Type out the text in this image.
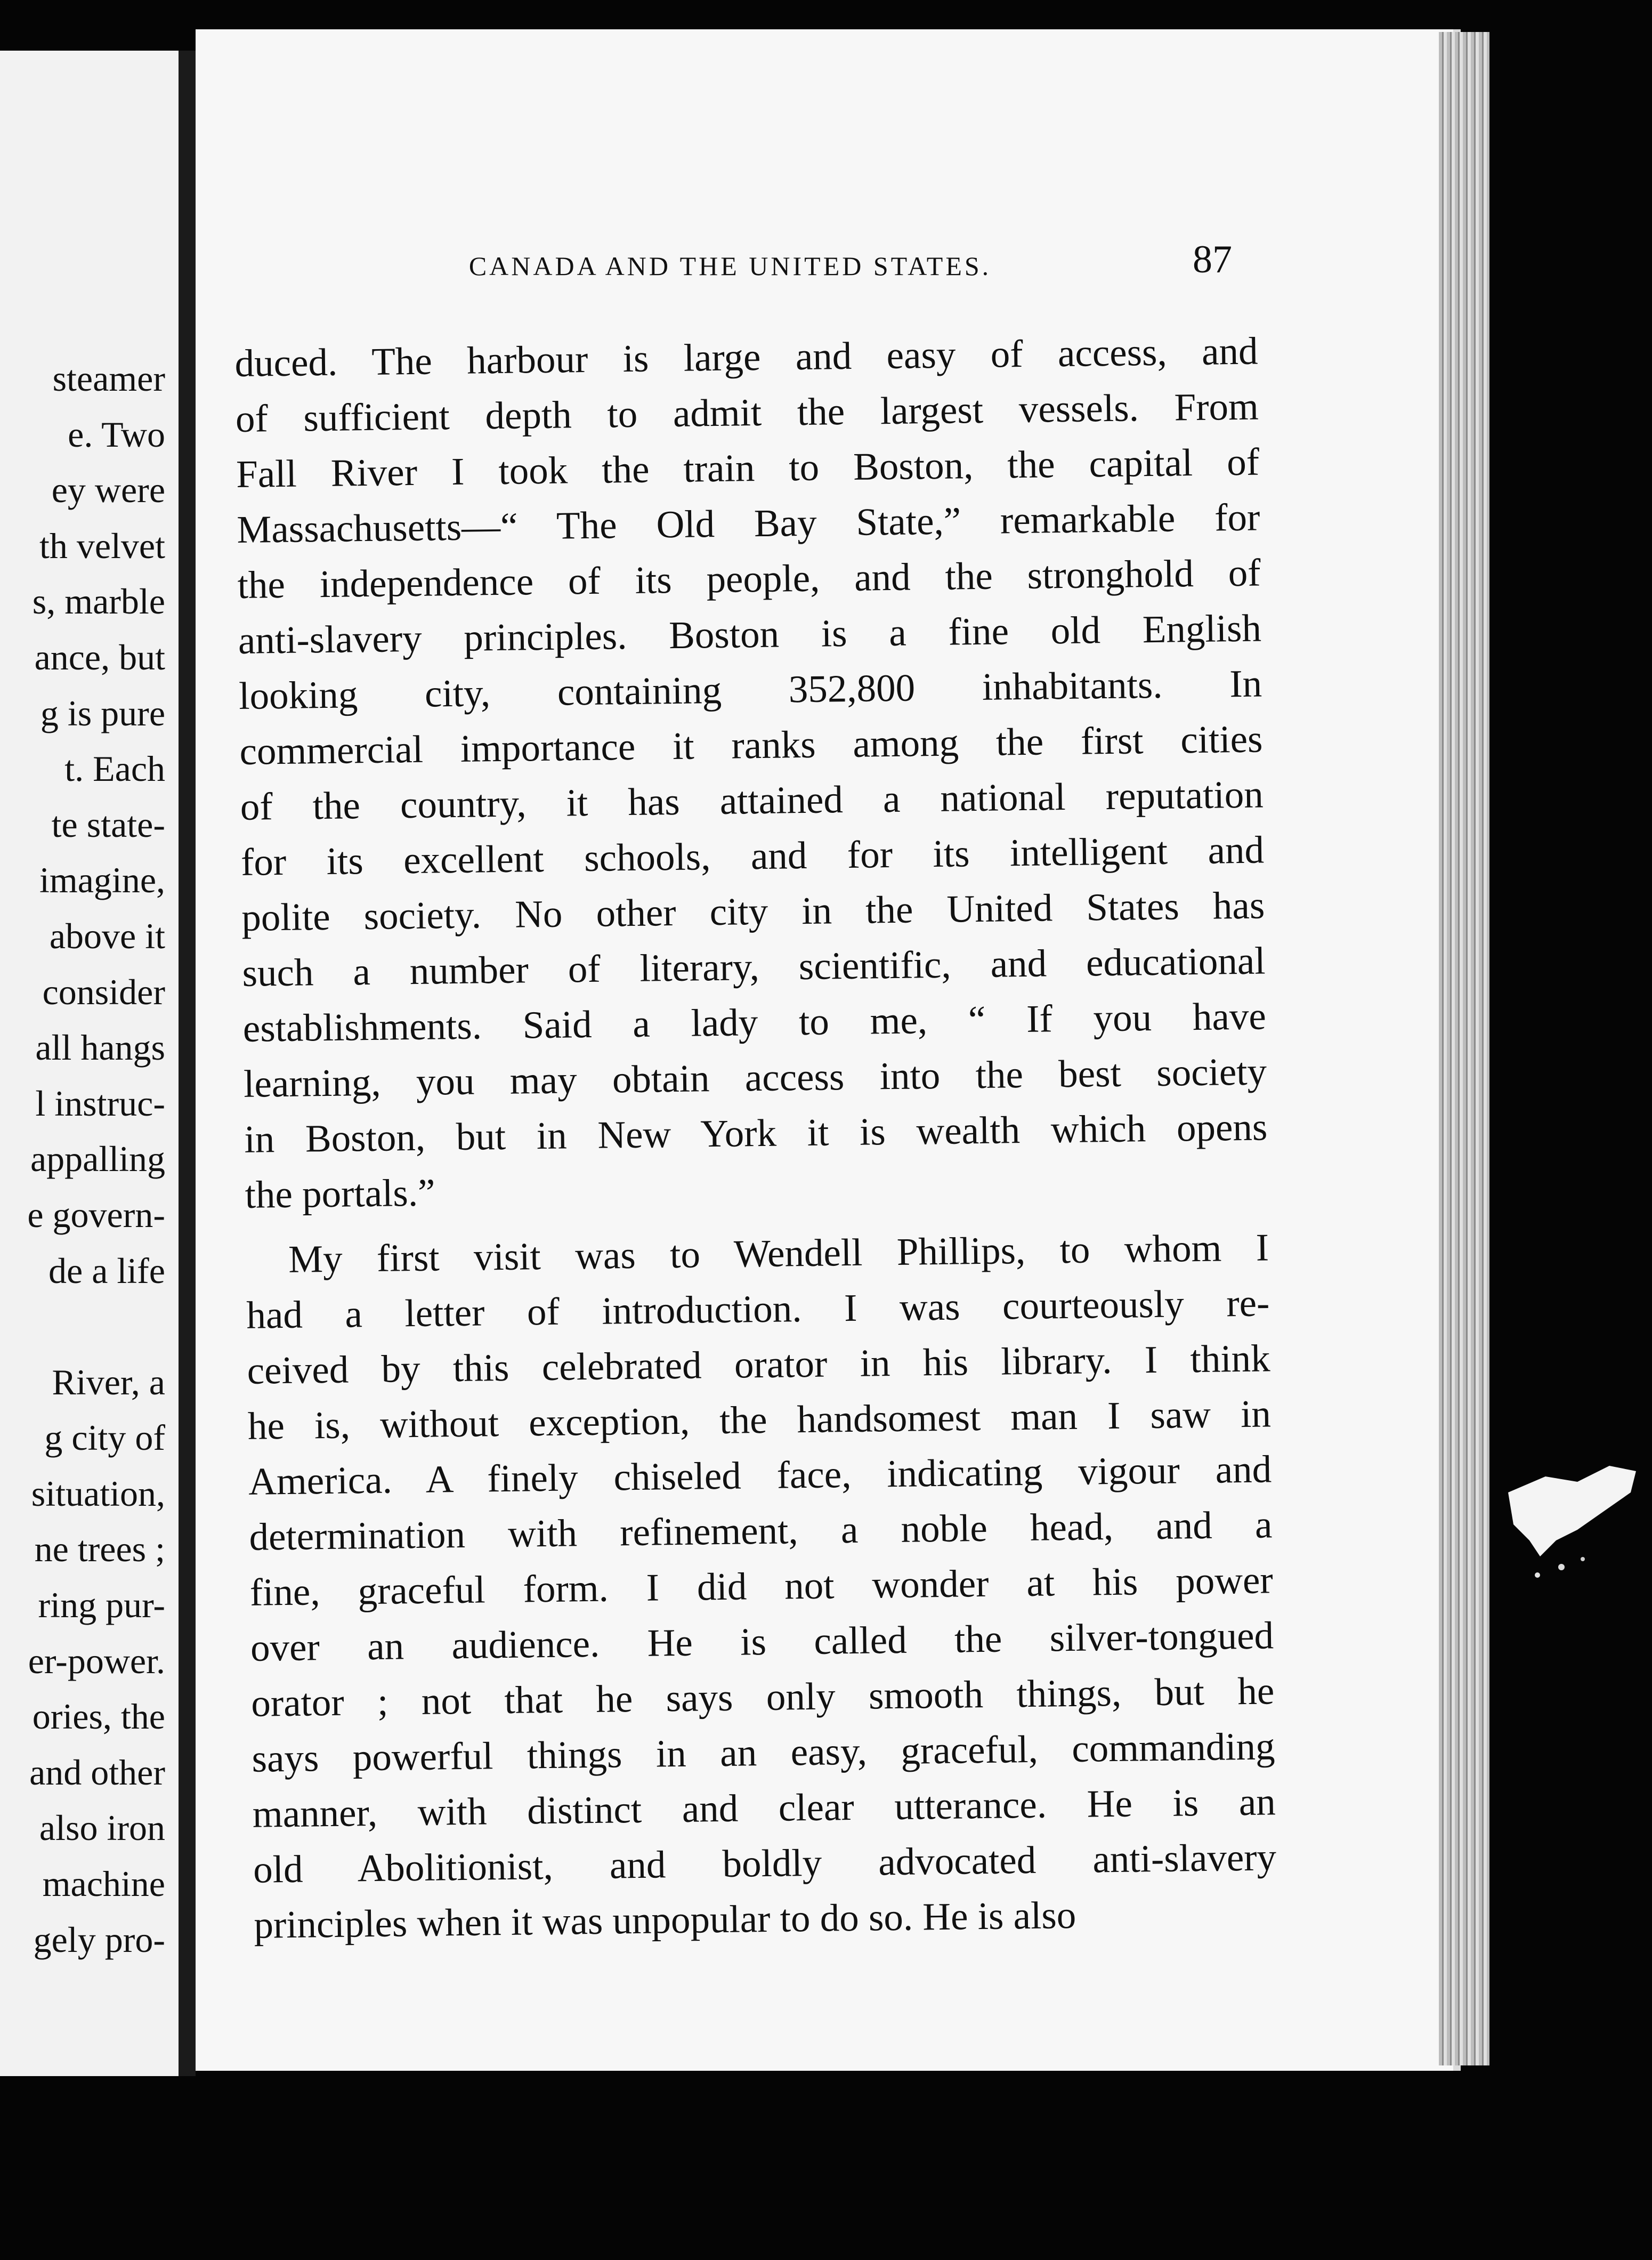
steamer
e. Two
ey were
th velvet
s, marble
ance, but
g is pure
t. Each
te state-
imagine,
above it
consider
all hangs
l instruc-
appalling
e govern-
de a life
River, a
g city of
situation,
ne trees ;
ring pur-
er-power.
ories, the
and other
also iron
machine
gely pro-
CANADA AND THE UNITED STATES.	87
duced. The harbour is large and easy of access, and
of sufficient depth to admit the largest vessels. From
Fall River I took the train to Boston, the capital of
Massachusetts—“ The Old Bay State,” remarkable for
the independence of its people, and the stronghold of
anti-slavery principles. Boston is a fine old English
looking city, containing 352,800 inhabitants. In
commercial importance it ranks among the first cities
of the country, it has attained a national reputation
for its excellent schools, and for its intelligent and
polite society. No other city in the United States has
such a number of literary, scientific, and educational
establishments. Said a lady to me, “ If you have
learning, you may obtain access into the best society
in Boston, but in New York it is wealth which opens
the portals.”
My first visit was to Wendell Phillips, to whom I
had a letter of introduction. I was courteously re-
ceived by this celebrated orator in his library. I think
he is, without exception, the handsomest man I saw in
America. A finely chiseled face, indicating vigour and
determination with refinement, a noble head, and a
fine, graceful form. I did not wonder at his power
over an audience. He is called the silver-tongued
orator ; not that he says only smooth things, but he
says powerful things in an easy, graceful, commanding
manner, with distinct and clear utterance. He is an
old Abolitionist, and boldly advocated anti-slavery
principles when it was unpopular to do so. He is also
